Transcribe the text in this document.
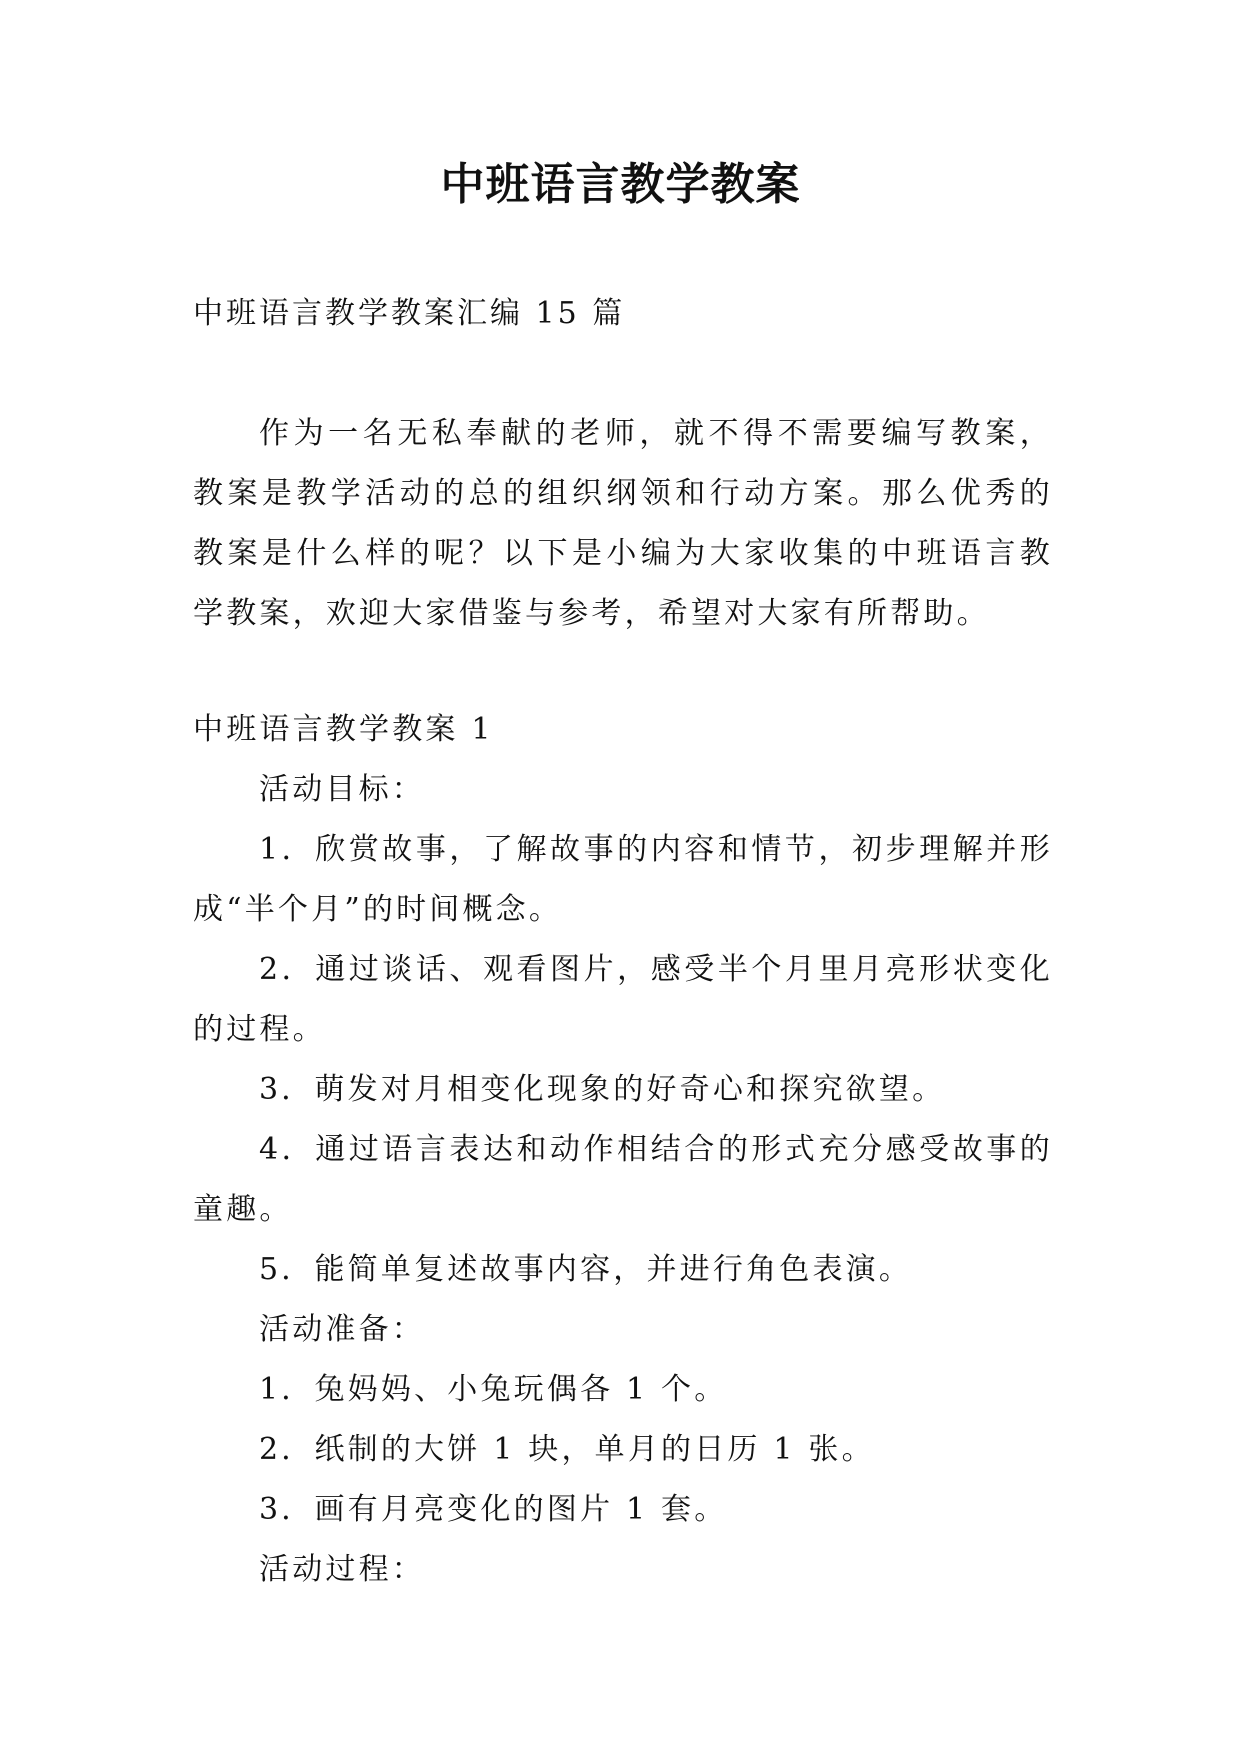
中班语言教学教案
中班语言教学教案汇编 15 篇

作为一名无私奉献的老师，就不得不需要编写教案，教案是教学活动的总的组织纲领和行动方案。那么优秀的教案是什么样的呢？以下是小编为大家收集的中班语言教学教案，欢迎大家借鉴与参考，希望对大家有所帮助。

中班语言教学教案 1

活动目标：

1．欣赏故事，了解故事的内容和情节，初步理解并形成“半个月”的时间概念。

2．通过谈话、观看图片，感受半个月里月亮形状变化的过程。

3．萌发对月相变化现象的好奇心和探究欲望。

4．通过语言表达和动作相结合的形式充分感受故事的童趣。

5．能简单复述故事内容，并进行角色表演。

活动准备：

1．兔妈妈、小兔玩偶各 1 个。

2．纸制的大饼 1 块，单月的日历 1 张。

3．画有月亮变化的图片 1 套。

活动过程：
